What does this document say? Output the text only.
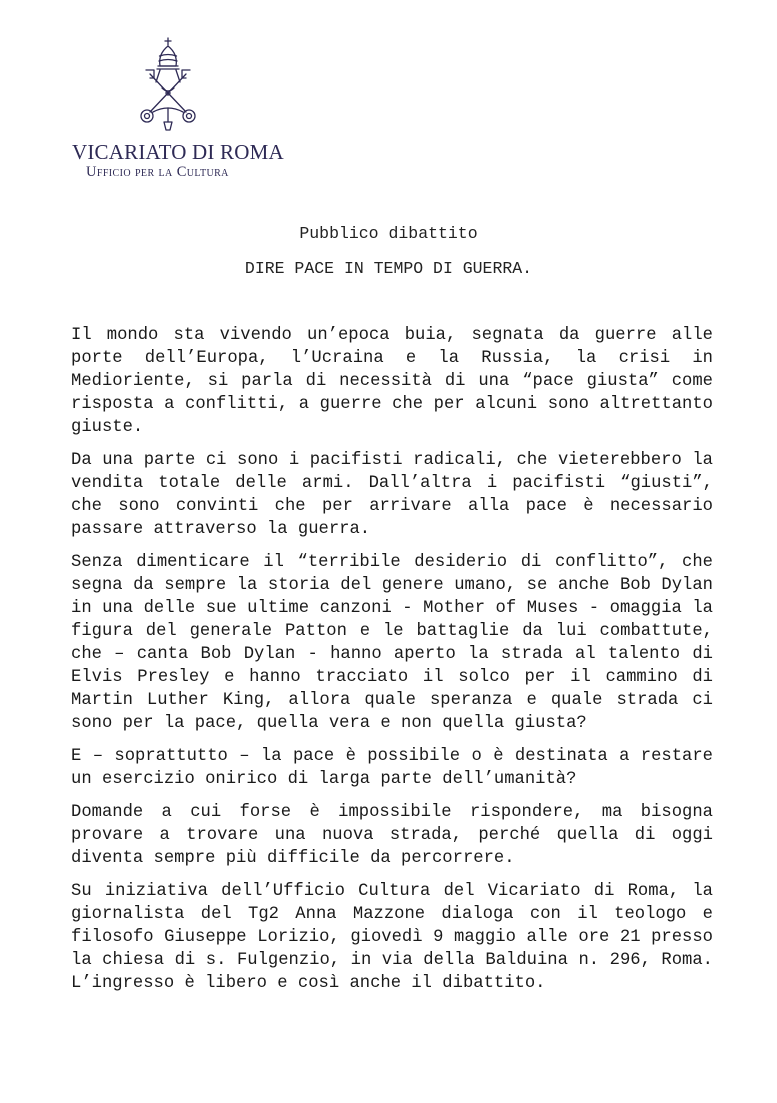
VICARIATO DI ROMA
Ufficio per la Cultura
Pubblico dibattito
DIRE PACE IN TEMPO DI GUERRA.

Il mondo sta vivendo un’epoca buia, segnata da guerre alle porte dell’Europa, l’Ucraina e la Russia, la crisi in Medioriente, si parla di necessità di una “pace giusta” come risposta a conflitti, a guerre che per alcuni sono altrettanto giuste.

Da una parte ci sono i pacifisti radicali, che vieterebbero la vendita totale delle armi. Dall’altra i pacifisti “giusti”, che sono convinti che per arrivare alla pace è necessario passare attraverso la guerra.

Senza dimenticare il “terribile desiderio di conflitto”, che segna da sempre la storia del genere umano, se anche Bob Dylan in una delle sue ultime canzoni - Mother of Muses - omaggia la figura del generale Patton e le battaglie da lui combattute, che – canta Bob Dylan - hanno aperto la strada al talento di Elvis Presley e hanno tracciato il solco per il cammino di Martin Luther King, allora quale speranza e quale strada ci sono per la pace, quella vera e non quella giusta?

E – soprattutto – la pace è possibile o è destinata a restare un esercizio onirico di larga parte dell’umanità?

Domande a cui forse è impossibile rispondere, ma bisogna provare a trovare una nuova strada, perché quella di oggi diventa sempre più difficile da percorrere.

Su iniziativa dell’Ufficio Cultura del Vicariato di Roma, la giornalista del Tg2 Anna Mazzone dialoga con il teologo e filosofo Giuseppe Lorizio, giovedì 9 maggio alle ore 21 presso la chiesa di s. Fulgenzio, in via della Balduina n. 296, Roma. L’ingresso è libero e così anche il dibattito.
